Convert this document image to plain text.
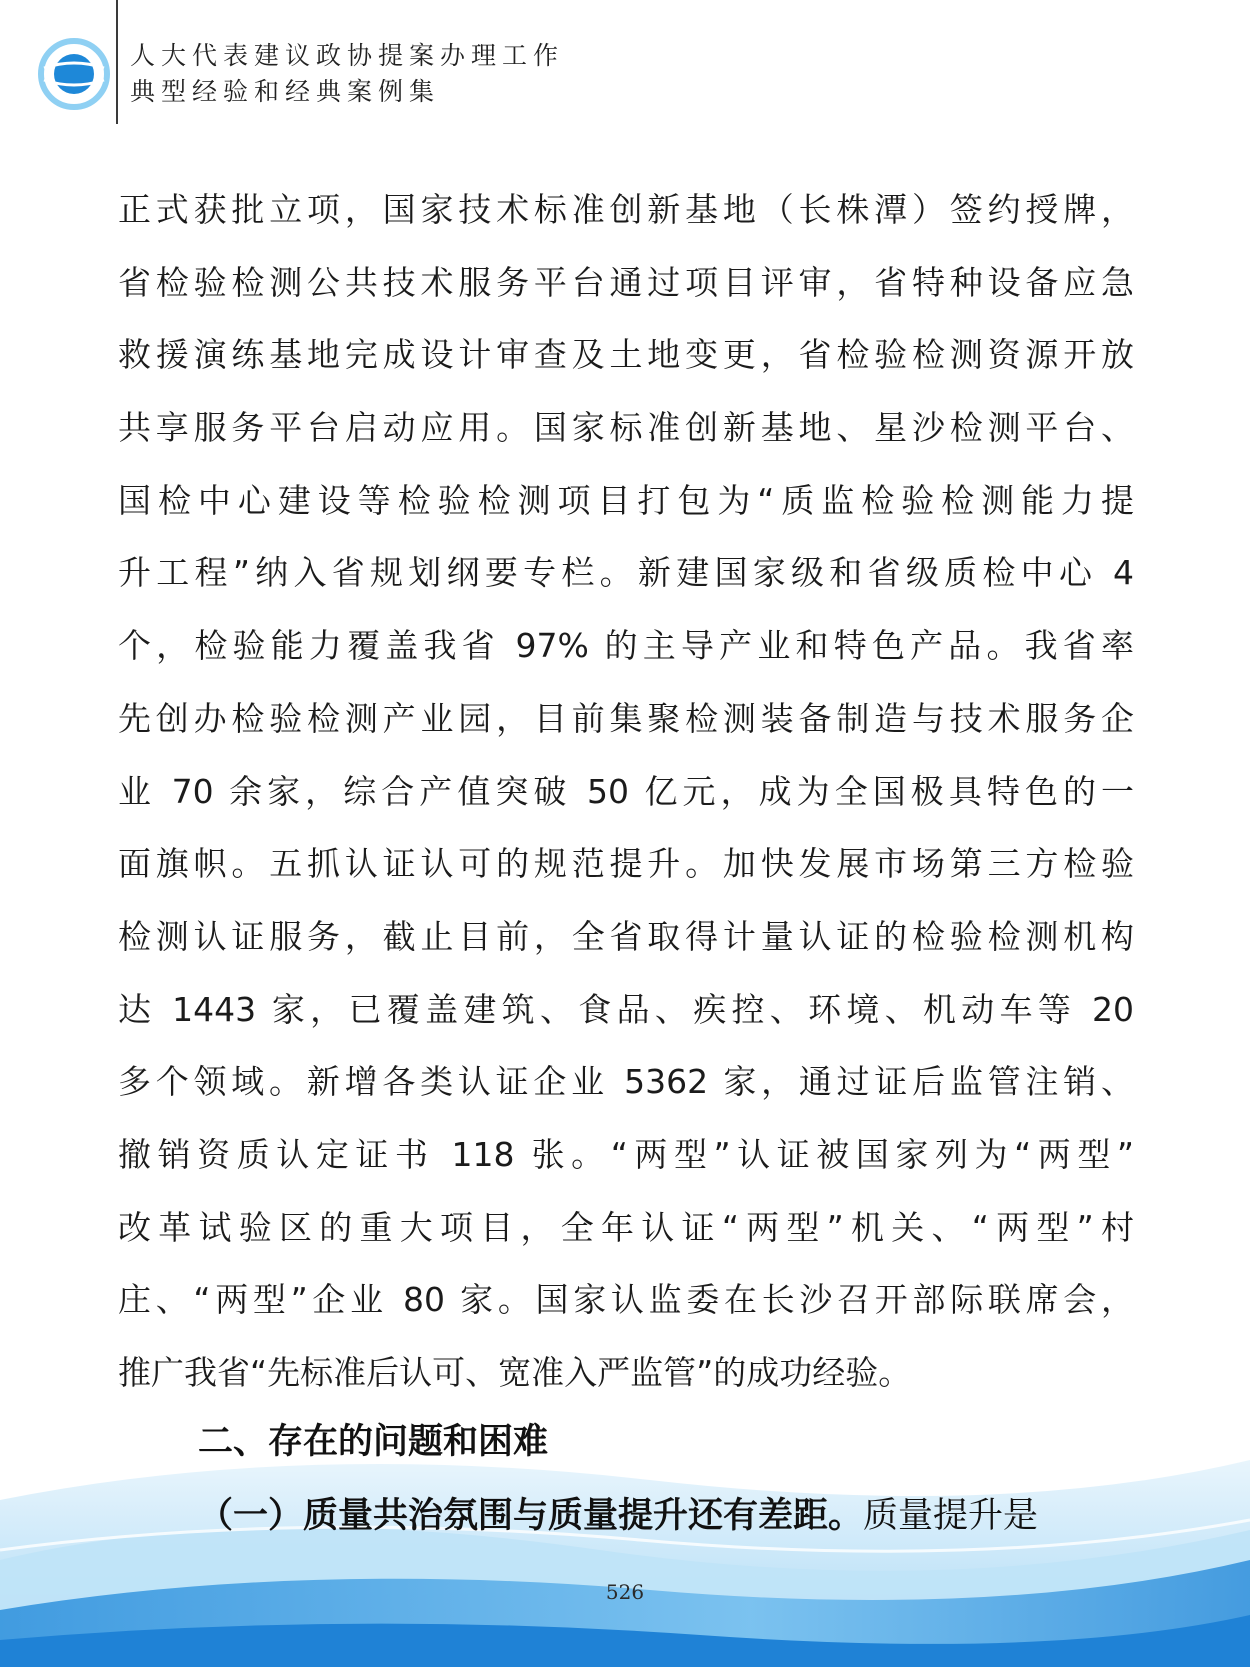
人大代表建议政协提案办理工作
典型经验和经典案例集
正式获批立项，国家技术标准创新基地（长株潭）签约授牌，
省检验检测公共技术服务平台通过项目评审，省特种设备应急
救援演练基地完成设计审查及土地变更，省检验检测资源开放
共享服务平台启动应用。国家标准创新基地、星沙检测平台、
国检中心建设等检验检测项目打包为“质监检验检测能力提
升工程”纳入省规划纲要专栏。新建国家级和省级质检中心 4
个，检验能力覆盖我省 97% 的主导产业和特色产品。我省率
先创办检验检测产业园，目前集聚检测装备制造与技术服务企
业 70 余家，综合产值突破 50 亿元，成为全国极具特色的一
面旗帜。五抓认证认可的规范提升。加快发展市场第三方检验
检测认证服务，截止目前，全省取得计量认证的检验检测机构
达 1443 家，已覆盖建筑、食品、疾控、环境、机动车等 20
多个领域。新增各类认证企业 5362 家，通过证后监管注销、
撤销资质认定证书 118 张。“两型”认证被国家列为“两型”
改革试验区的重大项目，全年认证“两型”机关、“两型”村
庄、“两型”企业 80 家。国家认监委在长沙召开部际联席会，
推广我省“先标准后认可、宽准入严监管”的成功经验。
二、存在的问题和困难
（一）质量共治氛围与质量提升还有差距。质量提升是
526
